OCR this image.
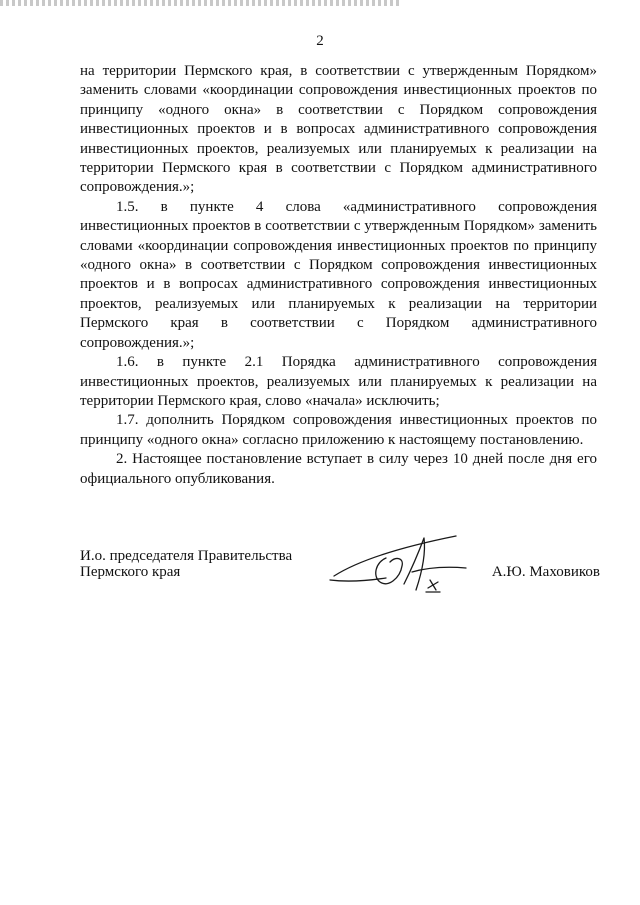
2

на территории Пермского края, в соответствии с утвержденным Порядком» заменить словами «координации сопровождения инвестиционных проектов по принципу «одного окна» в соответствии с Порядком сопровождения инвестиционных проектов и в вопросах административного сопровождения инвестиционных проектов, реализуемых или планируемых к реализации на территории Пермского края в соответствии с Порядком административного сопровождения.»;

1.5. в пункте 4 слова «административного сопровождения инвестиционных проектов в соответствии с утвержденным Порядком» заменить словами «координации сопровождения инвестиционных проектов по принципу «одного окна» в соответствии с Порядком сопровождения инвестиционных проектов и в вопросах административного сопровождения инвестиционных проектов, реализуемых или планируемых к реализации на территории Пермского края в соответствии с Порядком административного сопровождения.»;

1.6. в пункте 2.1 Порядка административного сопровождения инвестиционных проектов, реализуемых или планируемых к реализации на территории Пермского края, слово «начала» исключить;

1.7. дополнить Порядком сопровождения инвестиционных проектов по принципу «одного окна» согласно приложению к настоящему постановлению.

2. Настоящее постановление вступает в силу через 10 дней после дня его официального опубликования.

И.о. председателя Правительства
Пермского края	А.Ю. Маховиков
